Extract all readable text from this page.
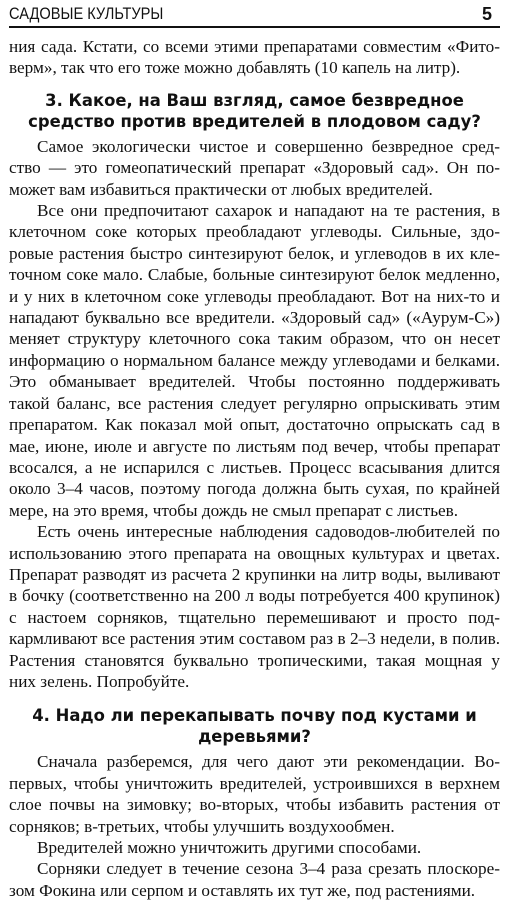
САДОВЫЕ КУЛЬТУРЫ	5

ния сада. Кстати, со всеми этими препаратами совместим «Фитоверм», так что его тоже можно добавлять (10 капель на литр).

3. Какое, на Ваш взгляд, самое безвредное средство против вредителей в плодовом саду?

Самое экологически чистое и совершенно безвредное средство — это гомеопатический препарат «Здоровый сад». Он поможет вам избавиться практически от любых вредителей.

Все они предпочитают сахарок и нападают на те растения, в клеточном соке которых преобладают углеводы. Сильные, здоровые растения быстро синтезируют белок, и углеводов в их клеточном соке мало. Слабые, больные синтезируют белок медленно, и у них в клеточном соке углеводы преобладают. Вот на них-то и нападают буквально все вредители. «Здоровый сад» («Аурум-С») меняет структуру клеточного сока таким образом, что он несет информацию о нормальном балансе между углеводами и белками. Это обманывает вредителей. Чтобы постоянно поддерживать такой баланс, все растения следует регулярно опрыскивать этим препаратом. Как показал мой опыт, достаточно опрыскать сад в мае, июне, июле и августе по листьям под вечер, чтобы препарат всосался, а не испарился с листьев. Процесс всасывания длится около 3–4 часов, поэтому погода должна быть сухая, по крайней мере, на это время, чтобы дождь не смыл препарат с листьев.

Есть очень интересные наблюдения садоводов-любителей по использованию этого препарата на овощных культурах и цветах. Препарат разводят из расчета 2 крупинки на литр воды, выливают в бочку (соответственно на 200 л воды потребуется 400 крупинок) с настоем сорняков, тщательно перемешивают и просто подкармливают все растения этим составом раз в 2–3 недели, в полив. Растения становятся буквально тропическими, такая мощная у них зелень. Попробуйте.

4. Надо ли перекапывать почву под кустами и деревьями?

Сначала разберемся, для чего дают эти рекомендации. Во-первых, чтобы уничтожить вредителей, устроившихся в верхнем слое почвы на зимовку; во-вторых, чтобы избавить растения от сорняков; в-третьих, чтобы улучшить воздухообмен.

Вредителей можно уничтожить другими способами.

Сорняки следует в течение сезона 3–4 раза срезать плоскорезом Фокина или серпом и оставлять их тут же, под растениями.
